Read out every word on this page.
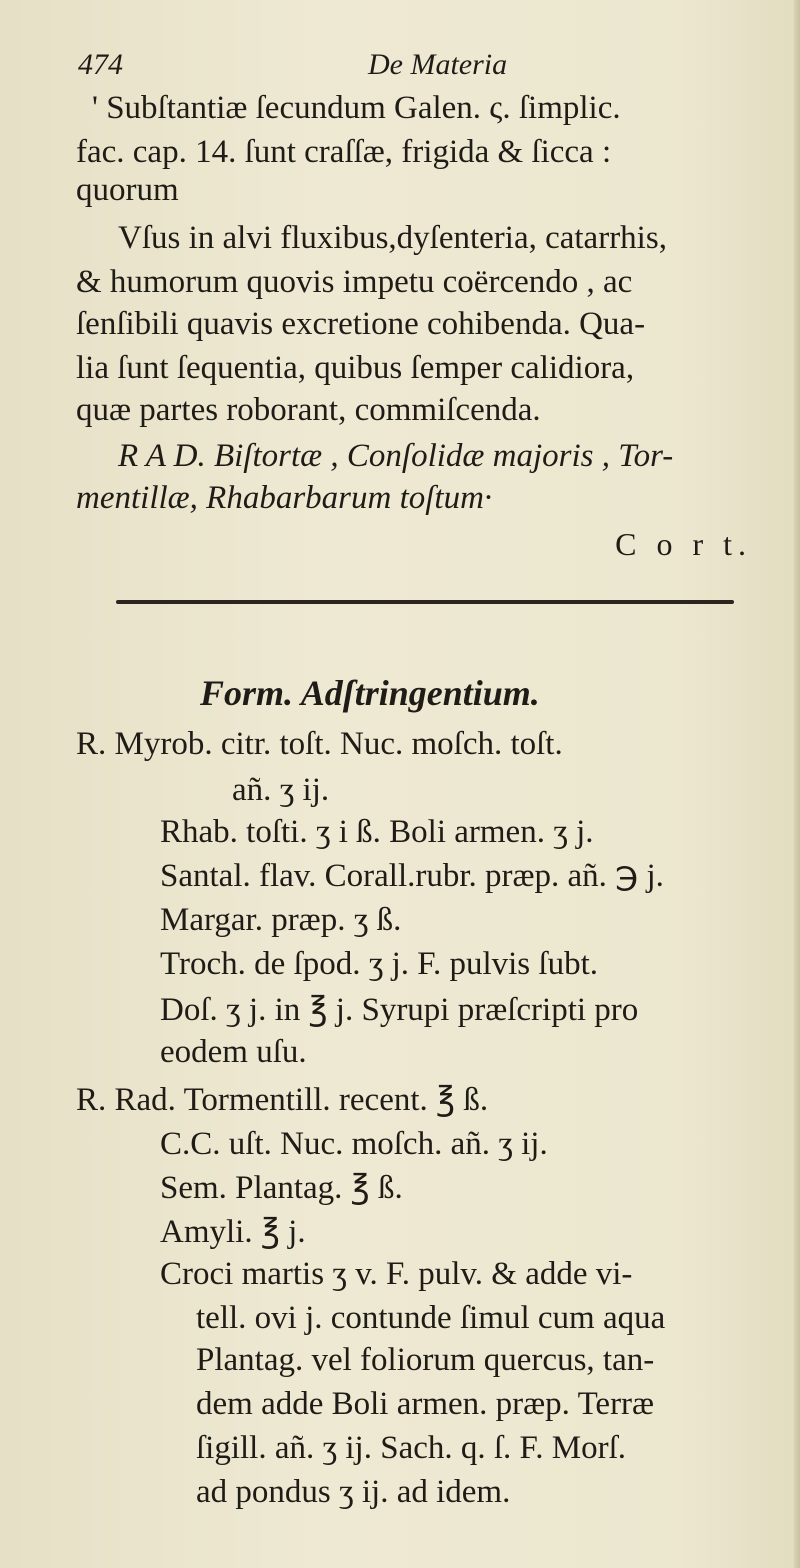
474	De Materia
' Subſtantiæ ſecundum Galen. ς. ſimplic.
fac. cap. 14. ſunt craſſæ, frigida & ſicca :
quorum
Vſus in alvi fluxibus,dyſenteria, catarrhis,
& humorum quovis impetu coërcendo , ac
ſenſibili quavis excretione cohibenda. Qua-
lia ſunt ſequentia, quibus ſemper calidiora,
quæ partes roborant, commiſcenda.
R A D. Biſtortæ , Conſolidæ majoris , Tor-
mentillæ, Rhabarbarum toſtum·
C o r t.
Form. Adſtringentium.
R. Myrob. citr. toſt. Nuc. moſch. toſt.
añ. ʒ ij.
Rhab. toſti. ʒ i ß. Boli armen. ʒ j.
Santal. flav. Corall.rubr. præp. añ. ℈ j.
Margar. præp. ʒ ß.
Troch. de ſpod. ʒ j. F. pulvis ſubt.
Doſ. ʒ j. in ℥ j. Syrupi præſcripti pro
eodem uſu.
R. Rad. Tormentill. recent. ℥ ß.
C.C. uſt. Nuc. moſch. añ. ʒ ij.
Sem. Plantag. ℥ ß.
Amyli. ℥ j.
Croci martis ʒ v. F. pulv. & adde vi-
tell. ovi j. contunde ſimul cum aqua
Plantag. vel foliorum quercus, tan-
dem adde Boli armen. præp. Terræ
ſigill. añ. ʒ ij. Sach. q. ſ. F. Morſ.
ad pondus ʒ ij. ad idem.
